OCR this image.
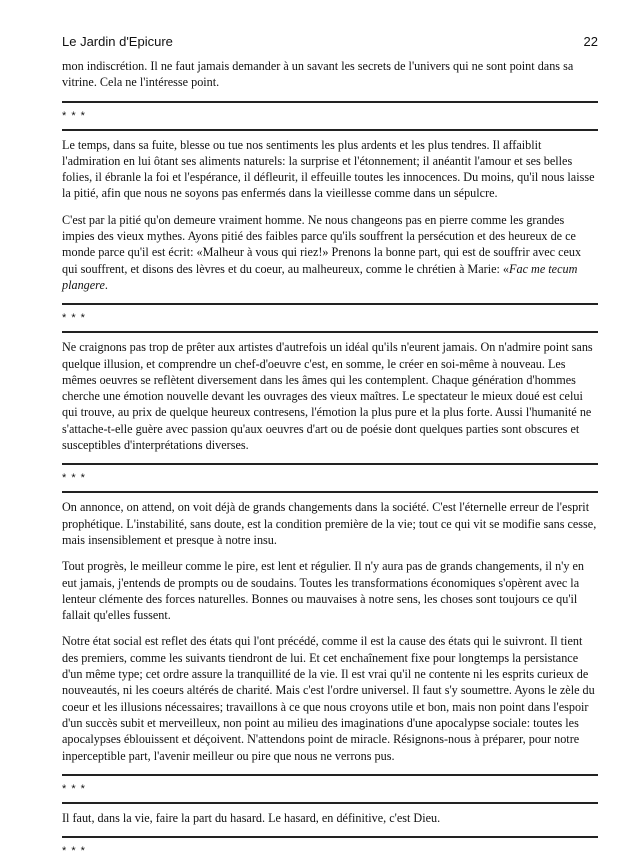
Le Jardin d'Epicure	22

mon indiscrétion. Il ne faut jamais demander à un savant les secrets de l'univers qui ne sont point dans sa vitrine. Cela ne l'intéresse point.

* * *

Le temps, dans sa fuite, blesse ou tue nos sentiments les plus ardents et les plus tendres. Il affaiblit l'admiration en lui ôtant ses aliments naturels: la surprise et l'étonnement; il anéantit l'amour et ses belles folies, il ébranle la foi et l'espérance, il défleurit, il effeuille toutes les innocences. Du moins, qu'il nous laisse la pitié, afin que nous ne soyons pas enfermés dans la vieillesse comme dans un sépulcre.

C'est par la pitié qu'on demeure vraiment homme. Ne nous changeons pas en pierre comme les grandes impies des vieux mythes. Ayons pitié des faibles parce qu'ils souffrent la persécution et des heureux de ce monde parce qu'il est écrit: «Malheur à vous qui riez!» Prenons la bonne part, qui est de souffrir avec ceux qui souffrent, et disons des lèvres et du coeur, au malheureux, comme le chrétien à Marie: «Fac me tecum plangere.

* * *

Ne craignons pas trop de prêter aux artistes d'autrefois un idéal qu'ils n'eurent jamais. On n'admire point sans quelque illusion, et comprendre un chef-d'oeuvre c'est, en somme, le créer en soi-même à nouveau. Les mêmes oeuvres se reflètent diversement dans les âmes qui les contemplent. Chaque génération d'hommes cherche une émotion nouvelle devant les ouvrages des vieux maîtres. Le spectateur le mieux doué est celui qui trouve, au prix de quelque heureux contresens, l'émotion la plus pure et la plus forte. Aussi l'humanité ne s'attache-t-elle guère avec passion qu'aux oeuvres d'art ou de poésie dont quelques parties sont obscures et susceptibles d'interprétations diverses.

* * *

On annonce, on attend, on voit déjà de grands changements dans la société. C'est l'éternelle erreur de l'esprit prophétique. L'instabilité, sans doute, est la condition première de la vie; tout ce qui vit se modifie sans cesse, mais insensiblement et presque à notre insu.

Tout progrès, le meilleur comme le pire, est lent et régulier. Il n'y aura pas de grands changements, il n'y en eut jamais, j'entends de prompts ou de soudains. Toutes les transformations économiques s'opèrent avec la lenteur clémente des forces naturelles. Bonnes ou mauvaises à notre sens, les choses sont toujours ce qu'il fallait qu'elles fussent.

Notre état social est reflet des états qui l'ont précédé, comme il est la cause des états qui le suivront. Il tient des premiers, comme les suivants tiendront de lui. Et cet enchaînement fixe pour longtemps la persistance d'un même type; cet ordre assure la tranquillité de la vie. Il est vrai qu'il ne contente ni les esprits curieux de nouveautés, ni les coeurs altérés de charité. Mais c'est l'ordre universel. Il faut s'y soumettre. Ayons le zèle du coeur et les illusions nécessaires; travaillons à ce que nous croyons utile et bon, mais non point dans l'espoir d'un succès subit et merveilleux, non point au milieu des imaginations d'une apocalypse sociale: toutes les apocalypses éblouissent et déçoivent. N'attendons point de miracle. Résignons-nous à préparer, pour notre inperceptible part, l'avenir meilleur ou pire que nous ne verrons pus.

* * *

Il faut, dans la vie, faire la part du hasard. Le hasard, en définitive, c'est Dieu.

* * *
